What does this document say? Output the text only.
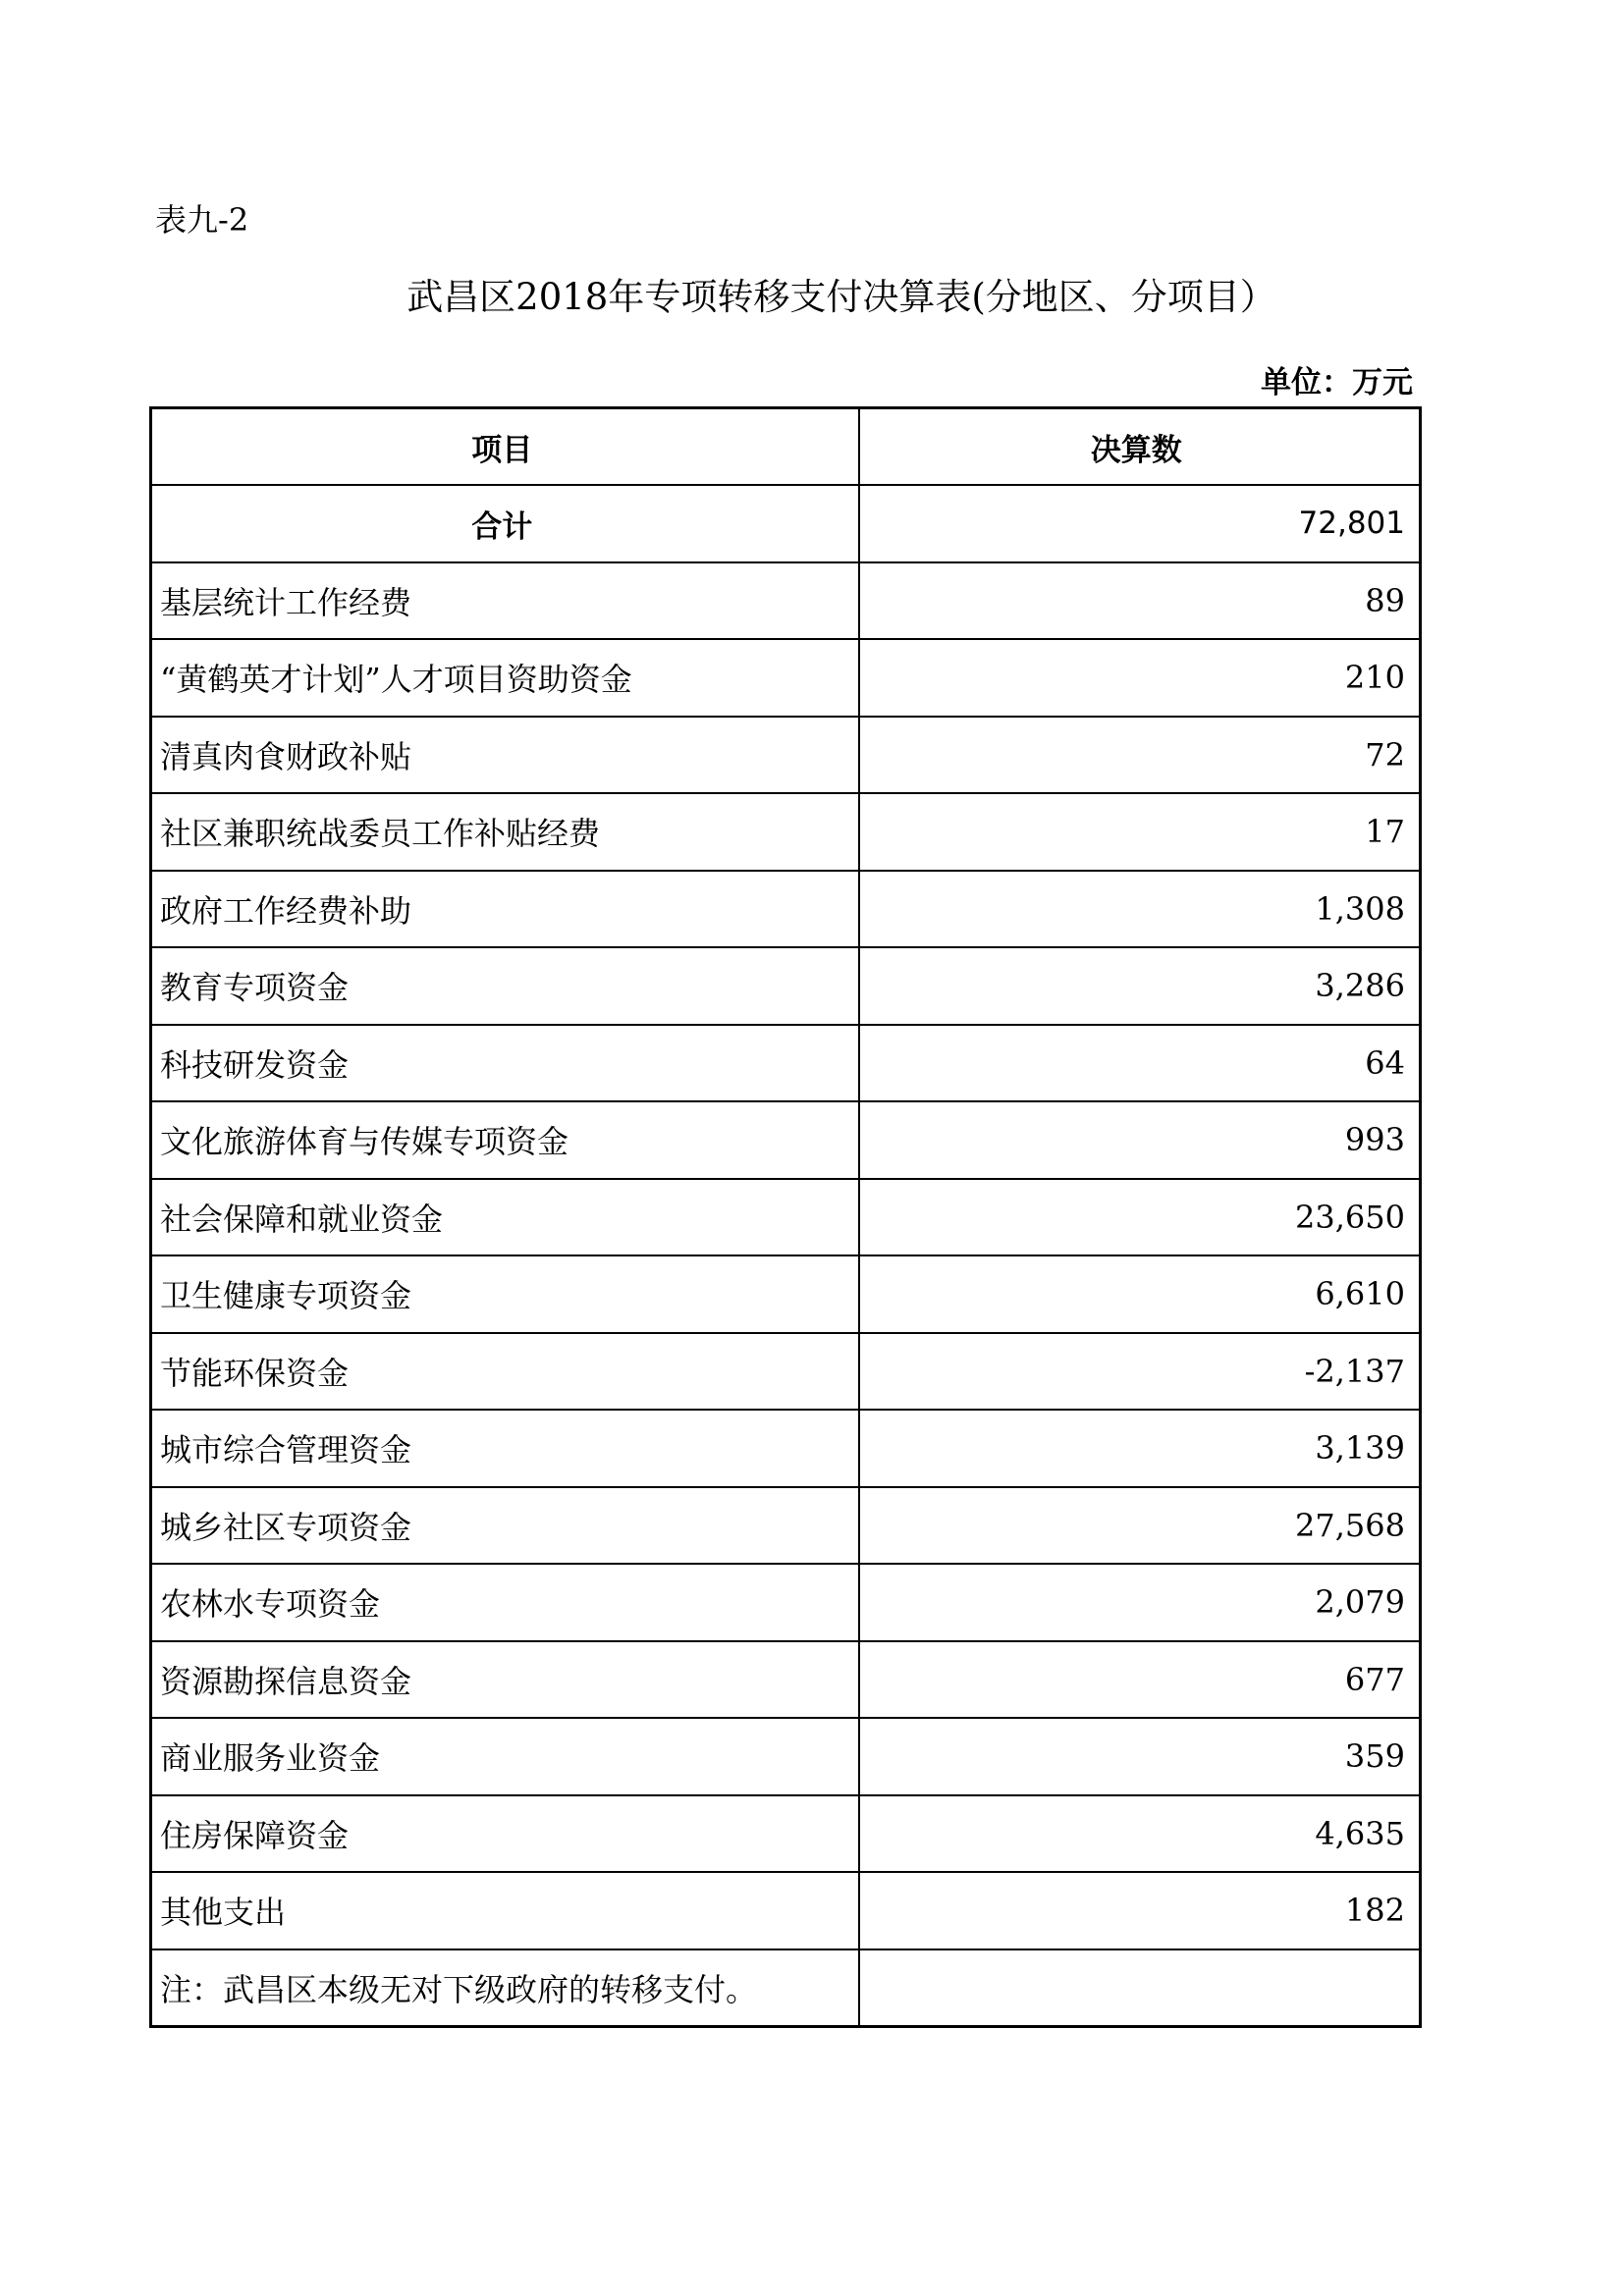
表九-2
武昌区2018年专项转移支付决算表(分地区、分项目）
单位：万元
项目	决算数
合计	72,801
基层统计工作经费	89
“黄鹤英才计划”人才项目资助资金	210
清真肉食财政补贴	72
社区兼职统战委员工作补贴经费	17
政府工作经费补助	1,308
教育专项资金	3,286
科技研发资金	64
文化旅游体育与传媒专项资金	993
社会保障和就业资金	23,650
卫生健康专项资金	6,610
节能环保资金	-2,137
城市综合管理资金	3,139
城乡社区专项资金	27,568
农林水专项资金	2,079
资源勘探信息资金	677
商业服务业资金	359
住房保障资金	4,635
其他支出	182
注：武昌区本级无对下级政府的转移支付。	
